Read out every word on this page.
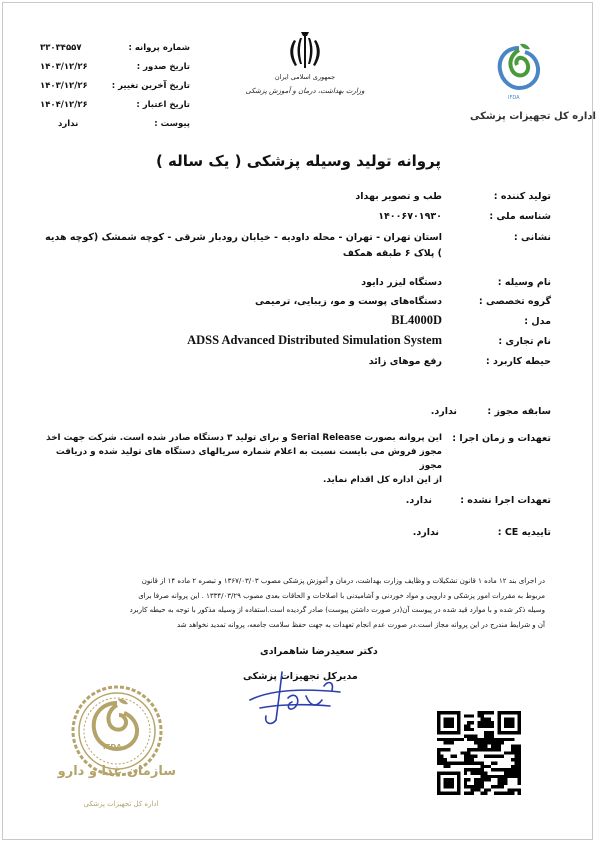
شماره پروانه :
۳۳۰۳۴۵۵۷
تاریخ صدور :
۱۴۰۳/۱۲/۲۶
تاریخ آخرین تغییر :
۱۴۰۳/۱۲/۲۶
تاریخ اعتبار :
۱۴۰۴/۱۲/۲۶
پیوست :
ندارد
جمهوری اسلامی ایران
وزارت بهداشت، درمان و آموزش پزشکی
IFDA
اداره کل تجهیزات پزشکی
پروانه تولید وسیله پزشکی ( یک ساله )
تولید کننده :
طب و تصویر بهداد
شناسه ملی :
۱۴۰۰۶۷۰۱۹۳۰
نشانی :
استان تهران - تهران - محله داودیه - خیابان رودبار شرقی - کوچه شمشک (کوچه هدیه
) پلاک ۶ طبقه همکف
نام وسیله :
دستگاه لیزر دایود
گروه تخصصی :
دستگاه‌های پوست و مو، زیبایی، ترمیمی
مدل :
BL4000D
نام تجاری :
ADSS Advanced Distributed Simulation System
حیطه کاربرد :
رفع موهای زائد
سابقه مجوز :
ندارد.
تعهدات و زمان اجرا :
این پروانه بصورت Serial Release و برای تولید ۳ دستگاه صادر شده است. شرکت جهت اخذ
مجوز فروش می بایست نسبت به اعلام شماره سریالهای دستگاه های تولید شده و دریافت مجوز
از این اداره کل اقدام نماید.
تعهدات اجرا نشده :
ندارد.
تاییدیه CE :
ندارد.
در اجرای بند ۱۲ ماده ۱ قانون تشکیلات و وظایف وزارت بهداشت، درمان و آموزش پزشکی مصوب ۱۳۶۷/۰۳/۰۳ و تبصره ۲ ماده ۱۴ از قانون
مربوط به مقررات امور پزشکی و دارویی و مواد خوردنی و آشامیدنی با اصلاحات و الحاقات بعدی مصوب ۱۳۳۴/۰۳/۲۹ . این پروانه صرفا برای
وسیله ذکر شده و با موارد قید شده در پیوست آن(در صورت داشتن پیوست) صادر گردیده است.استفاده از وسیله مذکور با توجه به حیطه کاربرد
آن و شرایط مندرج در این پروانه مجاز است.در صورت عدم انجام تعهدات به جهت حفظ سلامت جامعه، پروانه تمدید نخواهد شد
دکتر سعیدرضا شاهمرادی
مدیرکل تجهیزات پزشکی
IFDA
سازمان غذا و دارو
اداره کل تجهیزات پزشکی
